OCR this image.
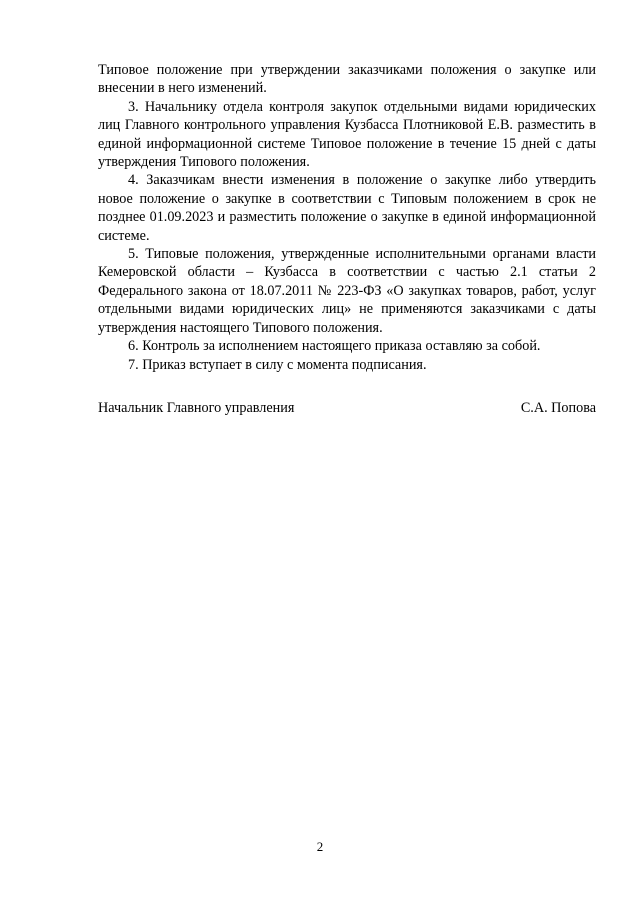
Типовое положение при утверждении заказчиками положения о закупке или внесении в него изменений.

3. Начальнику отдела контроля закупок отдельными видами юридических лиц Главного контрольного управления Кузбасса Плотниковой Е.В. разместить в единой информационной системе Типовое положение в течение 15 дней с даты утверждения Типового положения.

4. Заказчикам внести изменения в положение о закупке либо утвердить новое положение о закупке в соответствии с Типовым положением в срок не позднее 01.09.2023 и разместить положение о закупке в единой информационной системе.

5. Типовые положения, утвержденные исполнительными органами власти Кемеровской области – Кузбасса в соответствии с частью 2.1 статьи 2 Федерального закона от 18.07.2011 № 223-ФЗ «О закупках товаров, работ, услуг отдельными видами юридических лиц» не применяются заказчиками с даты утверждения настоящего Типового положения.

6. Контроль за исполнением настоящего приказа оставляю за собой.

7. Приказ вступает в силу с момента подписания.

Начальник Главного управления	С.А. Попова
2
